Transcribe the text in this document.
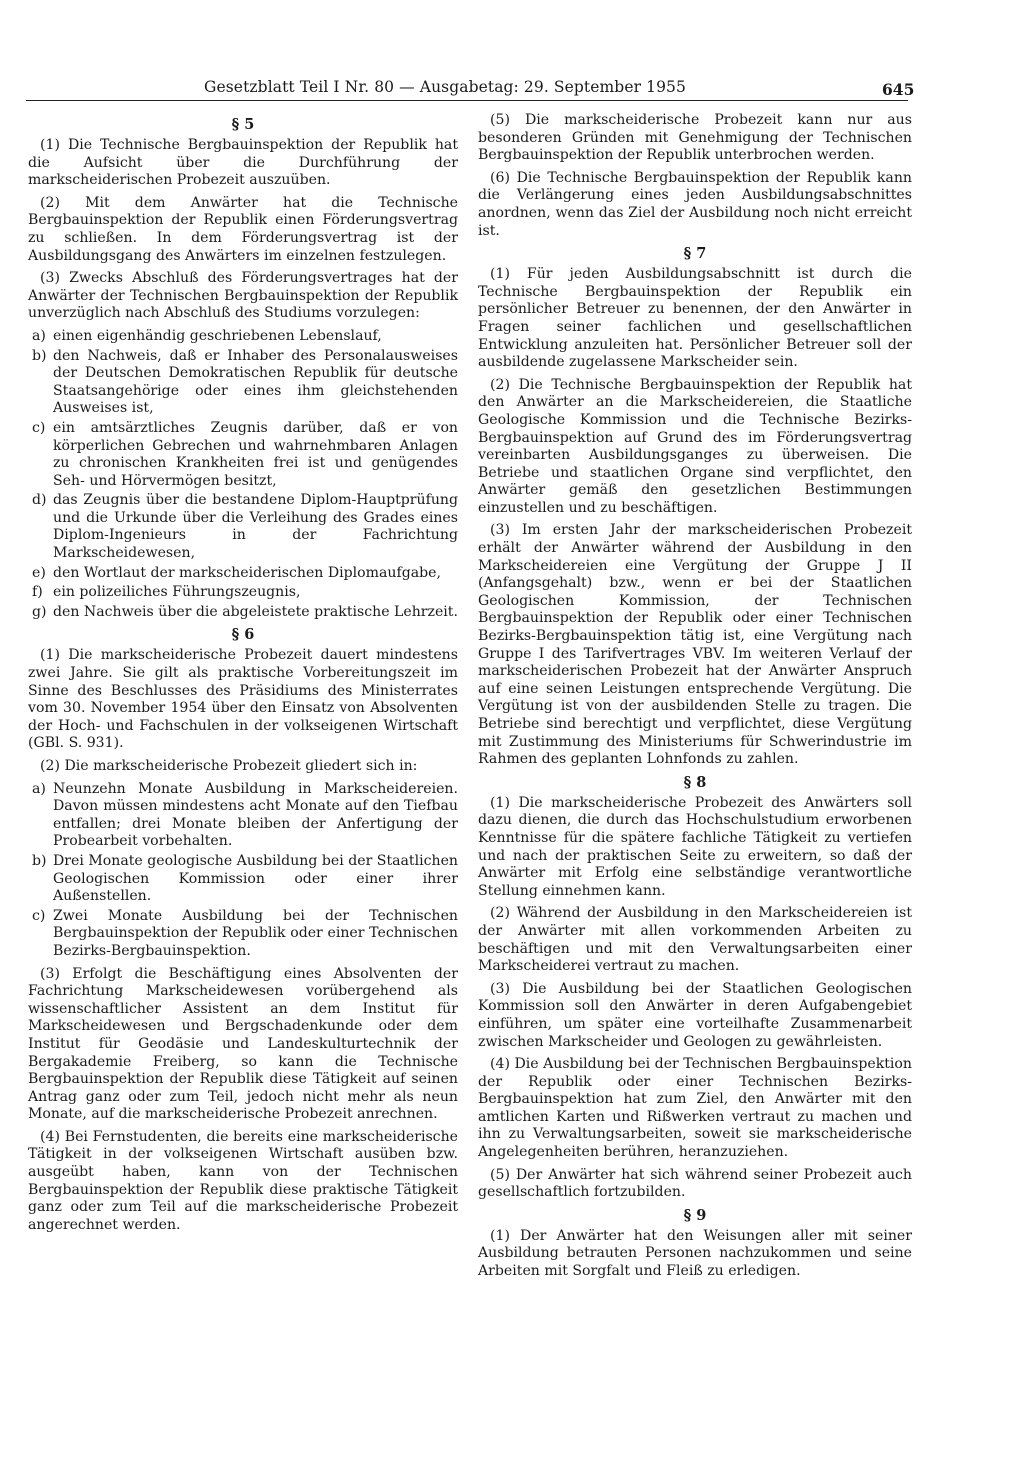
Gesetzblatt Teil I Nr. 80 — Ausgabetag: 29. September 1955	645
§ 5

(1) Die Technische Bergbauinspektion der Republik hat die Aufsicht über die Durchführung der markscheiderischen Probezeit auszuüben.

(2) Mit dem Anwärter hat die Technische Bergbauinspektion der Republik einen Förderungsvertrag zu schließen. In dem Förderungsvertrag ist der Ausbildungsgang des Anwärters im einzelnen festzulegen.

(3) Zwecks Abschluß des Förderungsvertrages hat der Anwärter der Technischen Bergbauinspektion der Republik unverzüglich nach Abschluß des Studiums vorzulegen:

a) einen eigenhändig geschriebenen Lebenslauf,
b) den Nachweis, daß er Inhaber des Personalausweises der Deutschen Demokratischen Republik für deutsche Staatsangehörige oder eines ihm gleichstehenden Ausweises ist,
c) ein amtsärztliches Zeugnis darüber, daß er von körperlichen Gebrechen und wahrnehmbaren Anlagen zu chronischen Krankheiten frei ist und genügendes Seh- und Hörvermögen besitzt,
d) das Zeugnis über die bestandene Diplom-Hauptprüfung und die Urkunde über die Verleihung des Grades eines Diplom-Ingenieurs in der Fachrichtung Markscheidewesen,
e) den Wortlaut der markscheiderischen Diplomaufgabe,
f) ein polizeiliches Führungszeugnis,
g) den Nachweis über die abgeleistete praktische Lehrzeit.
§ 6

(1) Die markscheiderische Probezeit dauert mindestens zwei Jahre. Sie gilt als praktische Vorbereitungszeit im Sinne des Beschlusses des Präsidiums des Ministerrates vom 30. November 1954 über den Einsatz von Absolventen der Hoch- und Fachschulen in der volkseigenen Wirtschaft (GBl. S. 931).

(2) Die markscheiderische Probezeit gliedert sich in:

a) Neunzehn Monate Ausbildung in Markscheidereien. Davon müssen mindestens acht Monate auf den Tiefbau entfallen; drei Monate bleiben der Anfertigung der Probearbeit vorbehalten.
b) Drei Monate geologische Ausbildung bei der Staatlichen Geologischen Kommission oder einer ihrer Außenstellen.
c) Zwei Monate Ausbildung bei der Technischen Bergbauinspektion der Republik oder einer Technischen Bezirks-Bergbauinspektion.

(3) Erfolgt die Beschäftigung eines Absolventen der Fachrichtung Markscheidewesen vorübergehend als wissenschaftlicher Assistent an dem Institut für Markscheidewesen und Bergschadenkunde oder dem Institut für Geodäsie und Landeskulturtechnik der Bergakademie Freiberg, so kann die Technische Bergbauinspektion der Republik diese Tätigkeit auf seinen Antrag ganz oder zum Teil, jedoch nicht mehr als neun Monate, auf die markscheiderische Probezeit anrechnen.

(4) Bei Fernstudenten, die bereits eine markscheiderische Tätigkeit in der volkseigenen Wirtschaft ausüben bzw. ausgeübt haben, kann von der Technischen Bergbauinspektion der Republik diese praktische Tätigkeit ganz oder zum Teil auf die markscheiderische Probezeit angerechnet werden.

(5) Die markscheiderische Probezeit kann nur aus besonderen Gründen mit Genehmigung der Technischen Bergbauinspektion der Republik unterbrochen werden.

(6) Die Technische Bergbauinspektion der Republik kann die Verlängerung eines jeden Ausbildungsabschnittes anordnen, wenn das Ziel der Ausbildung noch nicht erreicht ist.

§ 7

(1) Für jeden Ausbildungsabschnitt ist durch die Technische Bergbauinspektion der Republik ein persönlicher Betreuer zu benennen, der den Anwärter in Fragen seiner fachlichen und gesellschaftlichen Entwicklung anzuleiten hat. Persönlicher Betreuer soll der ausbildende zugelassene Markscheider sein.

(2) Die Technische Bergbauinspektion der Republik hat den Anwärter an die Markscheidereien, die Staatliche Geologische Kommission und die Technische Bezirks-Bergbauinspektion auf Grund des im Förderungsvertrag vereinbarten Ausbildungsganges zu überweisen. Die Betriebe und staatlichen Organe sind verpflichtet, den Anwärter gemäß den gesetzlichen Bestimmungen einzustellen und zu beschäftigen.

(3) Im ersten Jahr der markscheiderischen Probezeit erhält der Anwärter während der Ausbildung in den Markscheidereien eine Vergütung der Gruppe J II (Anfangsgehalt) bzw., wenn er bei der Staatlichen Geologischen Kommission, der Technischen Bergbauinspektion der Republik oder einer Technischen Bezirks-Bergbauinspektion tätig ist, eine Vergütung nach Gruppe I des Tarifvertrages VBV. Im weiteren Verlauf der markscheiderischen Probezeit hat der Anwärter Anspruch auf eine seinen Leistungen entsprechende Vergütung. Die Vergütung ist von der ausbildenden Stelle zu tragen. Die Betriebe sind berechtigt und verpflichtet, diese Vergütung mit Zustimmung des Ministeriums für Schwerindustrie im Rahmen des geplanten Lohnfonds zu zahlen.

§ 8

(1) Die markscheiderische Probezeit des Anwärters soll dazu dienen, die durch das Hochschulstudium erworbenen Kenntnisse für die spätere fachliche Tätigkeit zu vertiefen und nach der praktischen Seite zu erweitern, so daß der Anwärter mit Erfolg eine selbständige verantwortliche Stellung einnehmen kann.

(2) Während der Ausbildung in den Markscheidereien ist der Anwärter mit allen vorkommenden Arbeiten zu beschäftigen und mit den Verwaltungsarbeiten einer Markscheiderei vertraut zu machen.

(3) Die Ausbildung bei der Staatlichen Geologischen Kommission soll den Anwärter in deren Aufgabengebiet einführen, um später eine vorteilhafte Zusammenarbeit zwischen Markscheider und Geologen zu gewährleisten.

(4) Die Ausbildung bei der Technischen Bergbauinspektion der Republik oder einer Technischen Bezirks-Bergbauinspektion hat zum Ziel, den Anwärter mit den amtlichen Karten und Rißwerken vertraut zu machen und ihn zu Verwaltungsarbeiten, soweit sie markscheiderische Angelegenheiten berühren, heranzuziehen.

(5) Der Anwärter hat sich während seiner Probezeit auch gesellschaftlich fortzubilden.

§ 9

(1) Der Anwärter hat den Weisungen aller mit seiner Ausbildung betrauten Personen nachzukommen und seine Arbeiten mit Sorgfalt und Fleiß zu erledigen.
